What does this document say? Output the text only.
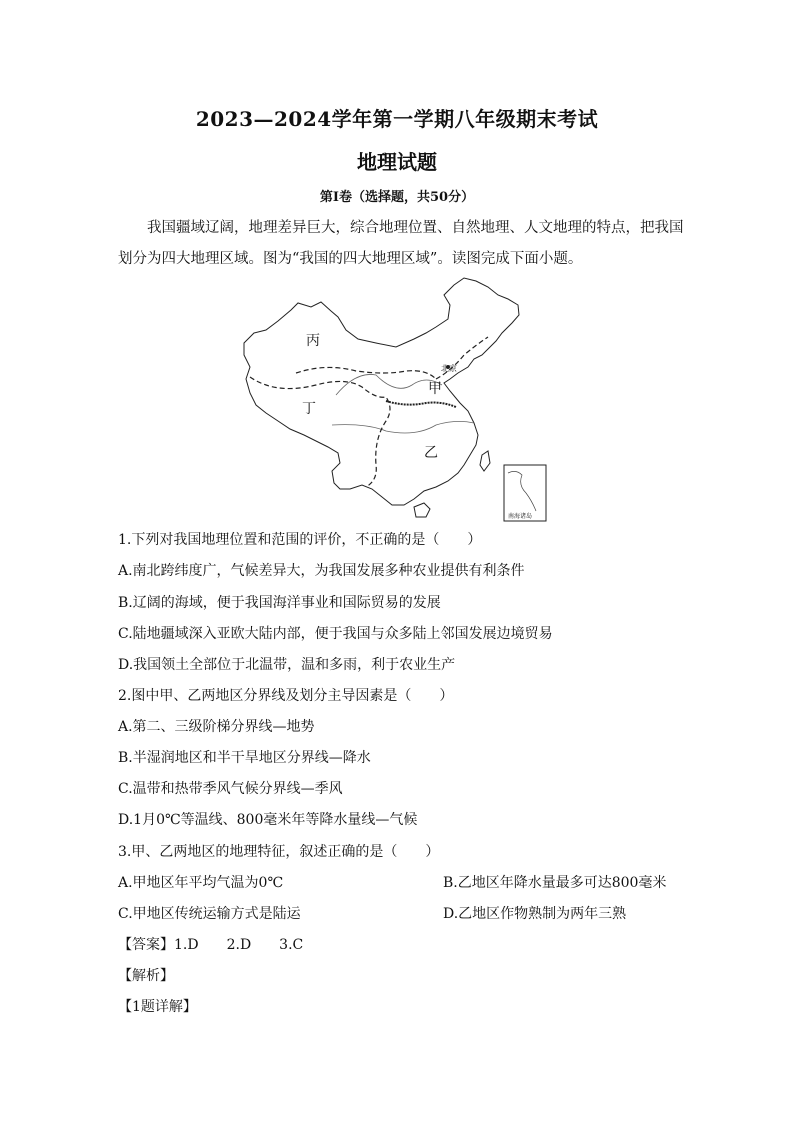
2023—2024学年第一学期八年级期末考试
地理试题
第Ⅰ卷（选择题，共50分）
我国疆域辽阔，地理差异巨大，综合地理位置、自然地理、人文地理的特点，把我国划分为四大地理区域。图为“我国的四大地理区域”。读图完成下面小题。
北京
丙
丁
甲
乙
南海诸岛
1.下列对我国地理位置和范围的评价，不正确的是（　　）
A.南北跨纬度广，气候差异大，为我国发展多种农业提供有利条件
B.辽阔的海域，便于我国海洋事业和国际贸易的发展
C.陆地疆域深入亚欧大陆内部，便于我国与众多陆上邻国发展边境贸易
D.我国领土全部位于北温带，温和多雨，利于农业生产
2.图中甲、乙两地区分界线及划分主导因素是（　　）
A.第二、三级阶梯分界线—地势
B.半湿润地区和半干旱地区分界线—降水
C.温带和热带季风气候分界线—季风
D.1月0℃等温线、800毫米年等降水量线—气候
3.甲、乙两地区的地理特征，叙述正确的是（　　）
A.甲地区年平均气温为0℃	B.乙地区年降水量最多可达800毫米
C.甲地区传统运输方式是陆运	D.乙地区作物熟制为两年三熟
【答案】1.D　　2.D　　3.C
【解析】
【1题详解】
